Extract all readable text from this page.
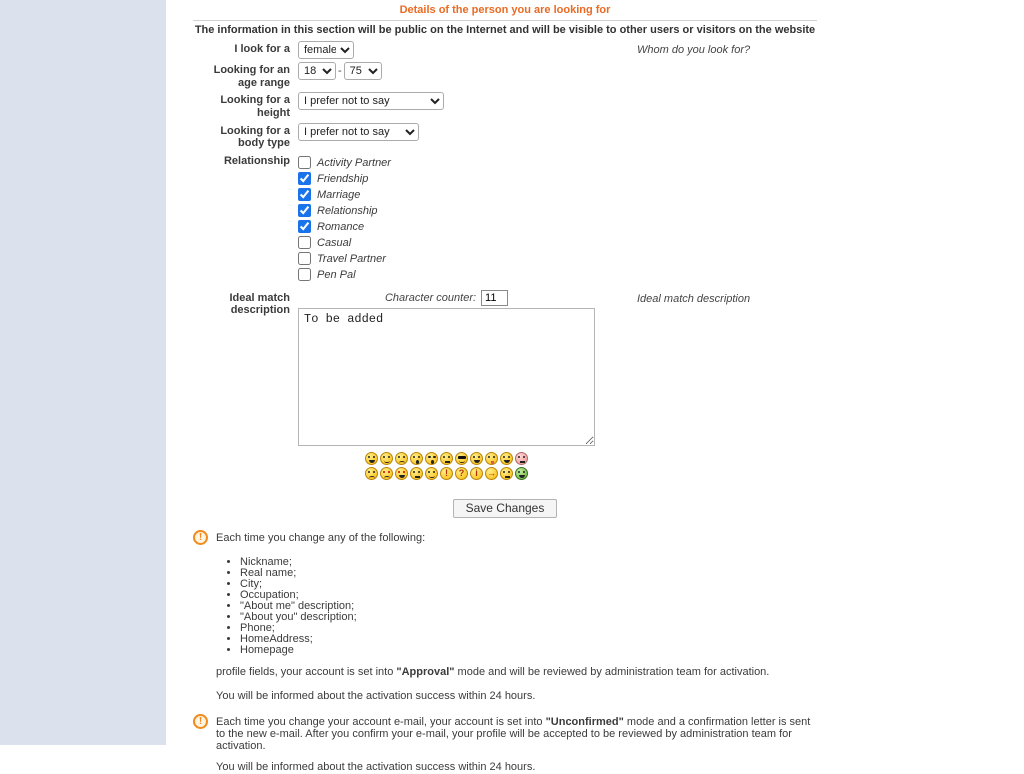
Details of the person you are looking for
The information in this section will be public on the Internet and will be visible to other users or visitors on the website
I look for a
female	Whom do you look for?
Looking for an age range
18-
75
Looking for a height
I prefer not to say
Looking for a body type
I prefer not to say
Relationship Activity Partner
Friendship
Marriage
Relationship
Romance
Casual
Travel Partner
Pen Pal
Ideal match description
Character counter:
11
To be added	Ideal match description
! ? i →
Save Changes
!
Each time you change any of the following:
• Nickname;
• Real name;
• City;
• Occupation;
• "About me" description;
• "About you" description;
• Phone;
• HomeAddress;
• Homepage

profile fields, your account is set into "Approval" mode and will be reviewed by administration team for activation.

You will be informed about the activation success within 24 hours.

!

Each time you change your account e-mail, your account is set into "Unconfirmed" mode and a confirmation letter is sent to the new e-mail. After you confirm your e-mail, your profile will be accepted to be reviewed by administration team for activation.

You will be informed about the activation success within 24 hours.
